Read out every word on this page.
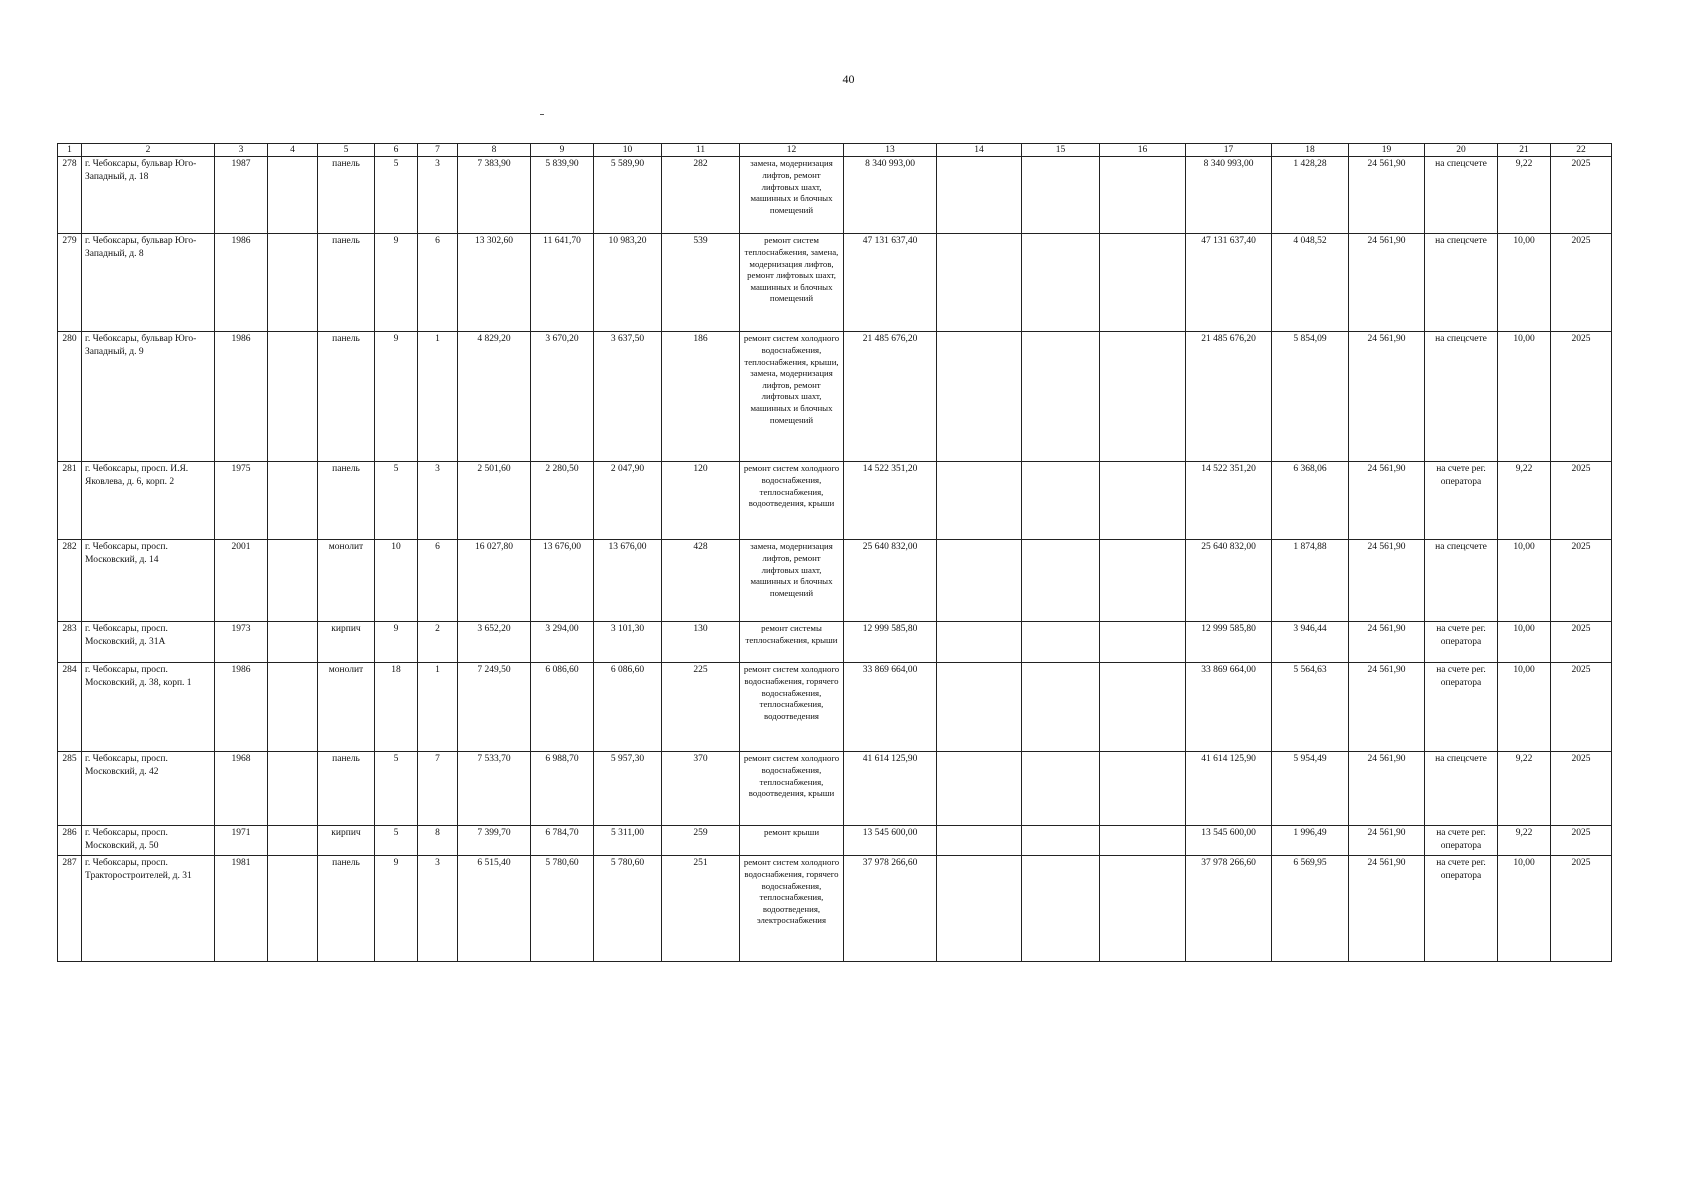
40
1	2	3	4	5	6	7	8	9	10	11	12	13	14	15	16	17	18	19	20	21	22
278	г. Чебоксары, бульвар Юго-Западный, д. 18	1987		панель	5	3	7 383,90	5 839,90	5 589,90	282	замена, модернизация лифтов, ремонт лифтовых шахт, машинных и блочных помещений	8 340 993,00				8 340 993,00	1 428,28	24 561,90	на спецсчете	9,22	2025
279	г. Чебоксары, бульвар Юго-Западный, д. 8	1986		панель	9	6	13 302,60	11 641,70	10 983,20	539	ремонт систем теплоснабжения, замена, модернизация лифтов, ремонт лифтовых шахт, машинных и блочных помещений	47 131 637,40				47 131 637,40	4 048,52	24 561,90	на спецсчете	10,00	2025
280	г. Чебоксары, бульвар Юго-Западный, д. 9	1986		панель	9	1	4 829,20	3 670,20	3 637,50	186	ремонт систем холодного водоснабжения, теплоснабжения, крыши, замена, модернизация лифтов, ремонт лифтовых шахт, машинных и блочных помещений	21 485 676,20				21 485 676,20	5 854,09	24 561,90	на спецсчете	10,00	2025
281	г. Чебоксары, просп. И.Я. Яковлева, д. 6, корп. 2	1975		панель	5	3	2 501,60	2 280,50	2 047,90	120	ремонт систем холодного водоснабжения, теплоснабжения, водоотведения, крыши	14 522 351,20				14 522 351,20	6 368,06	24 561,90	на счете рег. оператора	9,22	2025
282	г. Чебоксары, просп. Московский, д. 14	2001		монолит	10	6	16 027,80	13 676,00	13 676,00	428	замена, модернизация лифтов, ремонт лифтовых шахт, машинных и блочных помещений	25 640 832,00				25 640 832,00	1 874,88	24 561,90	на спецсчете	10,00	2025
283	г. Чебоксары, просп. Московский, д. 31А	1973		кирпич	9	2	3 652,20	3 294,00	3 101,30	130	ремонт системы теплоснабжения, крыши	12 999 585,80				12 999 585,80	3 946,44	24 561,90	на счете рег. оператора	10,00	2025
284	г. Чебоксары, просп. Московский, д. 38, корп. 1	1986		монолит	18	1	7 249,50	6 086,60	6 086,60	225	ремонт систем холодного водоснабжения, горячего водоснабжения, теплоснабжения, водоотведения	33 869 664,00				33 869 664,00	5 564,63	24 561,90	на счете рег. оператора	10,00	2025
285	г. Чебоксары, просп. Московский, д. 42	1968		панель	5	7	7 533,70	6 988,70	5 957,30	370	ремонт систем холодного водоснабжения, теплоснабжения, водоотведения, крыши	41 614 125,90				41 614 125,90	5 954,49	24 561,90	на спецсчете	9,22	2025
286	г. Чебоксары, просп. Московский, д. 50	1971		кирпич	5	8	7 399,70	6 784,70	5 311,00	259	ремонт крыши	13 545 600,00				13 545 600,00	1 996,49	24 561,90	на счете рег. оператора	9,22	2025
287	г. Чебоксары, просп. Тракторостроителей, д. 31	1981		панель	9	3	6 515,40	5 780,60	5 780,60	251	ремонт систем холодного водоснабжения, горячего водоснабжения, теплоснабжения, водоотведения, электроснабжения	37 978 266,60				37 978 266,60	6 569,95	24 561,90	на счете рег. оператора	10,00	2025
